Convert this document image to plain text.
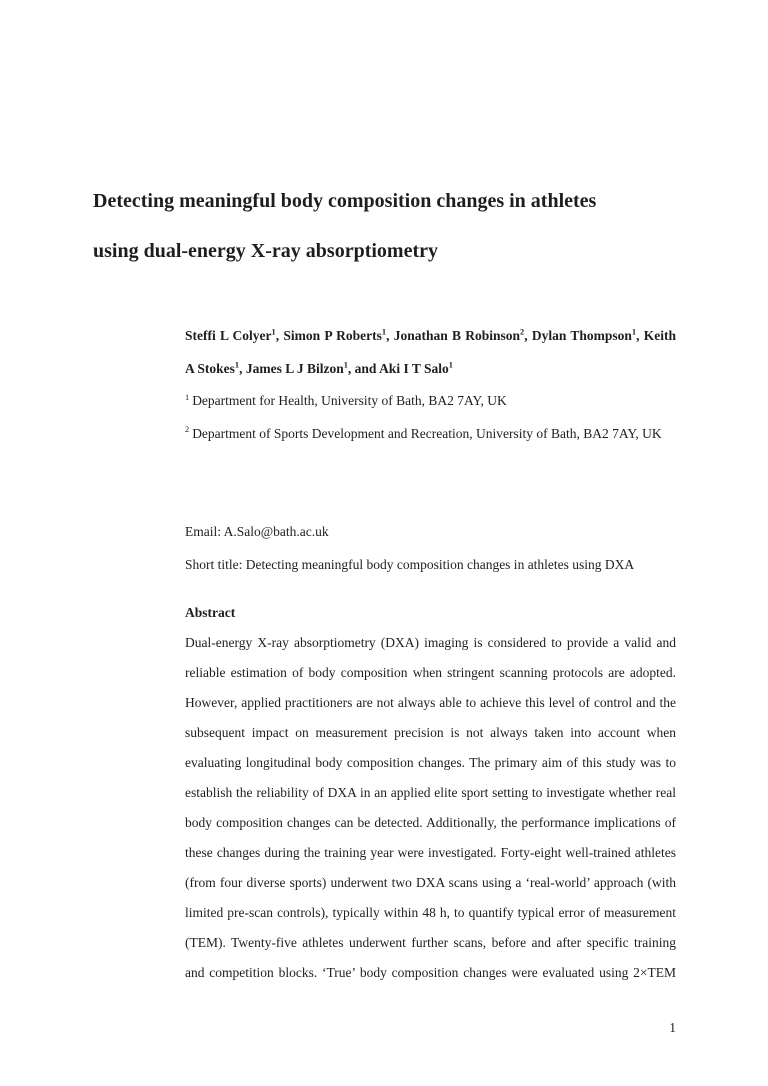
Detecting meaningful body composition changes in athletes
using dual-energy X-ray absorptiometry

Steffi L Colyer$^1$, Simon P Roberts$^1$, Jonathan B Robinson$^2$, Dylan Thompson$^1$, Keith A Stokes$^1$, James L J Bilzon$^1$, and Aki I T Salo$^1$

$^1$ Department for Health, University of Bath, BA2 7AY, UK

$^2$ Department of Sports Development and Recreation, University of Bath, BA2 7AY, UK

Email: A.Salo@bath.ac.uk

Short title: Detecting meaningful body composition changes in athletes using DXA

Abstract

Dual-energy X-ray absorptiometry (DXA) imaging is considered to provide a valid and reliable estimation of body composition when stringent scanning protocols are adopted. However, applied practitioners are not always able to achieve this level of control and the subsequent impact on measurement precision is not always taken into account when evaluating longitudinal body composition changes. The primary aim of this study was to establish the reliability of DXA in an applied elite sport setting to investigate whether real body composition changes can be detected. Additionally, the performance implications of these changes during the training year were investigated. Forty-eight well-trained athletes (from four diverse sports) underwent two DXA scans using a ‘real-world’ approach (with limited pre-scan controls), typically within 48 h, to quantify typical error of measurement (TEM). Twenty-five athletes underwent further scans, before and after specific training and competition blocks. ‘True’ body composition changes were evaluated using 2×TEM

1
